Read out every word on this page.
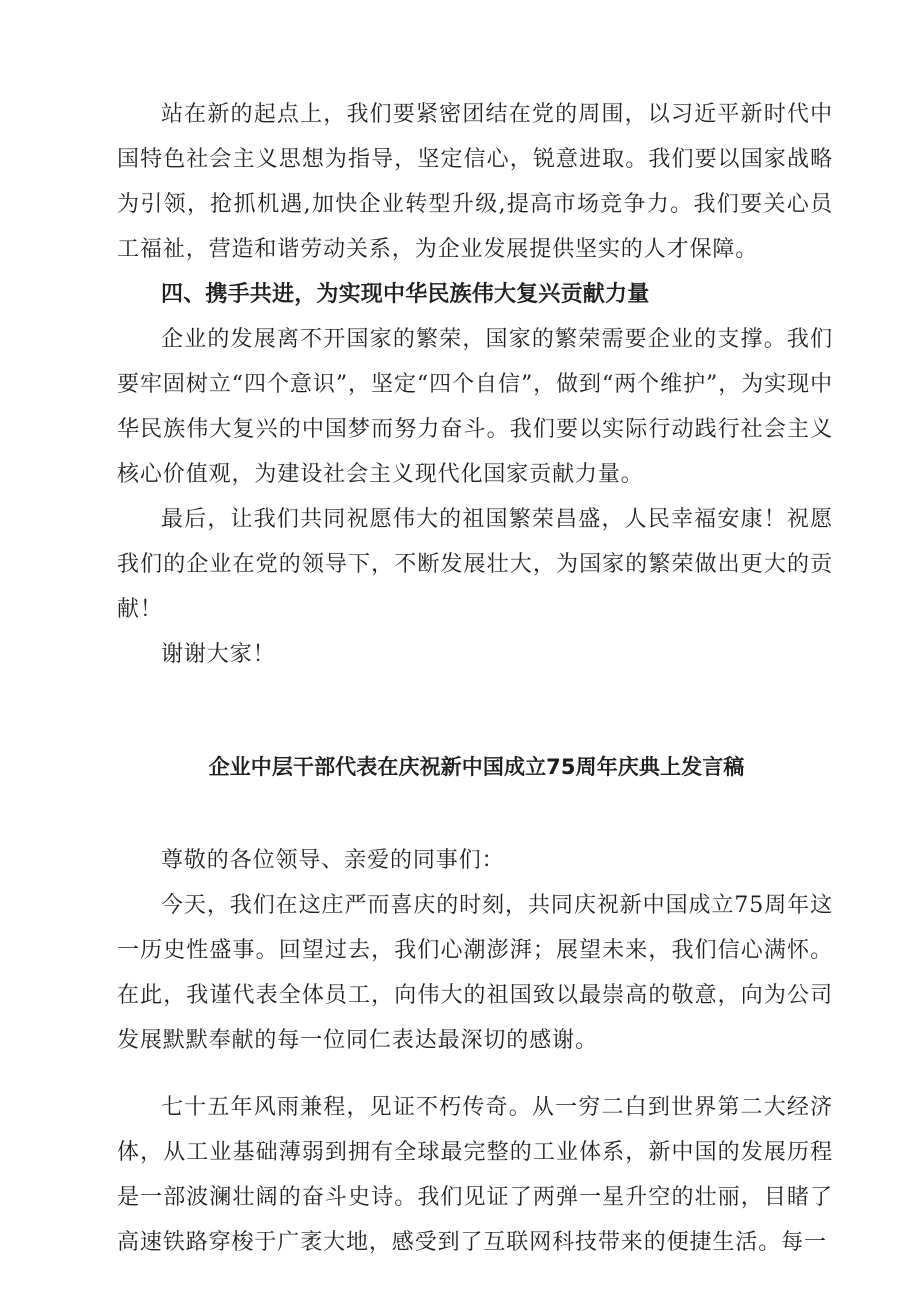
站在新的起点上，我们要紧密团结在党的周围，以习近平新时代中国特色社会主义思想为指导，坚定信心，锐意进取。我们要以国家战略为引领，抢抓机遇,加快企业转型升级,提高市场竞争力。我们要关心员工福祉，营造和谐劳动关系，为企业发展提供坚实的人才保障。

四、携手共进，为实现中华民族伟大复兴贡献力量

企业的发展离不开国家的繁荣，国家的繁荣需要企业的支撑。我们要牢固树立“四个意识”，坚定“四个自信”，做到“两个维护”，为实现中华民族伟大复兴的中国梦而努力奋斗。我们要以实际行动践行社会主义核心价值观，为建设社会主义现代化国家贡献力量。

最后，让我们共同祝愿伟大的祖国繁荣昌盛，人民幸福安康！祝愿我们的企业在党的领导下，不断发展壮大，为国家的繁荣做出更大的贡献！

谢谢大家！

企业中层干部代表在庆祝新中国成立75周年庆典上发言稿

尊敬的各位领导、亲爱的同事们：

今天，我们在这庄严而喜庆的时刻，共同庆祝新中国成立75周年这一历史性盛事。回望过去，我们心潮澎湃；展望未来，我们信心满怀。在此，我谨代表全体员工，向伟大的祖国致以最崇高的敬意，向为公司发展默默奉献的每一位同仁表达最深切的感谢。

七十五年风雨兼程，见证不朽传奇。从一穷二白到世界第二大经济体，从工业基础薄弱到拥有全球最完整的工业体系，新中国的发展历程是一部波澜壮阔的奋斗史诗。我们见证了两弹一星升空的壮丽，目睹了高速铁路穿梭于广袤大地，感受到了互联网科技带来的便捷生活。每一
